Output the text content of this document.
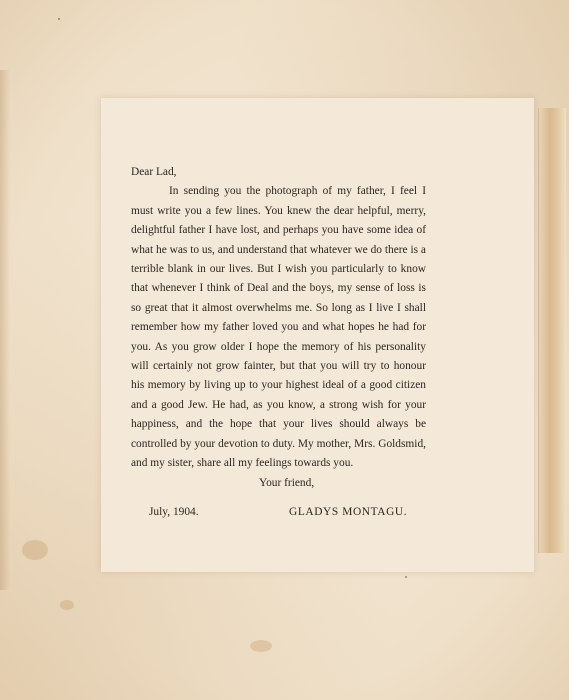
Dear Lad,

In sending you the photograph of my father, I feel I must write you a few lines. You knew the dear helpful, merry, delightful father I have lost, and perhaps you have some idea of what he was to us, and understand that whatever we do there is a terrible blank in our lives. But I wish you particularly to know that whenever I think of Deal and the boys, my sense of loss is so great that it almost overwhelms me. So long as I live I shall remember how my father loved you and what hopes he had for you. As you grow older I hope the memory of his personality will certainly not grow fainter, but that you will try to honour his memory by living up to your highest ideal of a good citizen and a good Jew. He had, as you know, a strong wish for your happiness, and the hope that your lives should always be controlled by your devotion to duty. My mother, Mrs. Goldsmid, and my sister, share all my feelings towards you.

Your friend,

July, 1904.	GLADYS MONTAGU.
